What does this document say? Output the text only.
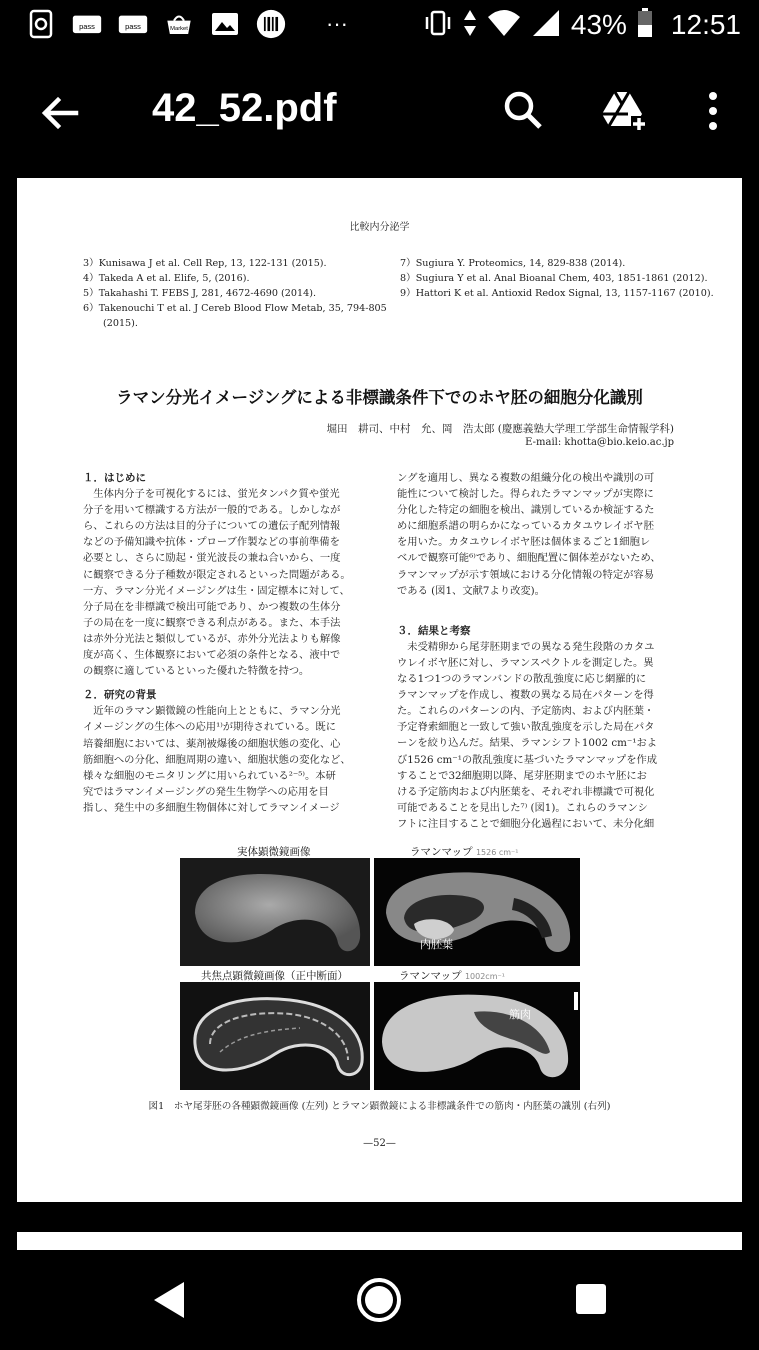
pass	pass	Market	···	43% 12:51
42_52.pdf
比較内分泌学
3）Kunisawa J et al. Cell Rep, 13, 122-131 (2015).
4）Takeda A et al. Elife, 5, (2016).
5）Takahashi T. FEBS J, 281, 4672-4690 (2014).
6）Takenouchi T et al. J Cereb Blood Flow Metab, 35, 794-805
(2015).
7）Sugiura Y. Proteomics, 14, 829-838 (2014).
8）Sugiura Y et al. Anal Bioanal Chem, 403, 1851-1861 (2012).
9）Hattori K et al. Antioxid Redox Signal, 13, 1157-1167 (2010).
ラマン分光イメージングによる非標識条件下でのホヤ胚の細胞分化識別
堀田　耕司、中村　允、岡　浩太郎 (慶應義塾大学理工学部生命情報学科)
E-mail: khotta@bio.keio.ac.jp

１．はじめに

　生体内分子を可視化するには、蛍光タンパク質や蛍光

分子を用いて標識する方法が一般的である。しかしなが

ら、これらの方法は目的分子についての遺伝子配列情報

などの予備知識や抗体・プローブ作製などの事前準備を

必要とし、さらに励起・蛍光波長の兼ね合いから、一度

に観察できる分子種数が限定されるといった問題がある。

一方、ラマン分光イメージングは生・固定標本に対して、

分子局在を非標識で検出可能であり、かつ複数の生体分

子の局在を一度に観察できる利点がある。また、本手法

は赤外分光法と類似しているが、赤外分光法よりも解像

度が高く、生体観察において必須の条件となる、液中で

の観察に適しているといった優れた特徴を持つ。

２．研究の背景

　近年のラマン顕微鏡の性能向上とともに、ラマン分光

イメージングの生体への応用¹⁾が期待されている。既に

培養細胞においては、薬剤被爆後の細胞状態の変化、心

筋細胞への分化、細胞周期の違い、細胞状態の変化など、

様々な細胞のモニタリングに用いられている²⁻⁵⁾。本研

究ではラマンイメージングの発生生物学への応用を目

指し、発生中の多細胞生物個体に対してラマンイメージ

ングを適用し、異なる複数の組織分化の検出や識別の可

能性について検討した。得られたラマンマップが実際に

分化した特定の細胞を検出、識別しているか検証するた

めに細胞系譜の明らかになっているカタユウレイボヤ胚

を用いた。カタユウレイボヤ胚は個体まるごと1細胞レ

ベルで観察可能⁶⁾であり、細胞配置に個体差がないため、

ラマンマップが示す領域における分化情報の特定が容易

である (図1、文献7より改変)。

３．結果と考察

　未受精卵から尾芽胚期までの異なる発生段階のカタユ

ウレイボヤ胚に対し、ラマンスペクトルを測定した。異

なる1つ1つのラマンバンドの散乱強度に応じ網羅的に

ラマンマップを作成し、複数の異なる局在パターンを得

た。これらのパターンの内、予定筋肉、および内胚葉・

予定脊索細胞と一致して強い散乱強度を示した局在パタ

ーンを絞り込んだ。結果、ラマンシフト1002 cm⁻¹およ

び1526 cm⁻¹の散乱強度に基づいたラマンマップを作成

することで32細胞期以降、尾芽胚期までのホヤ胚にお

ける予定筋肉および内胚葉を、それぞれ非標識で可視化

可能であることを見出した⁷⁾ (図1)。これらのラマンシ

フトに注目することで細胞分化過程において、未分化細

実体顕微鏡画像	ラマンマップ 1526 cm⁻¹
内胚葉
共焦点顕微鏡画像（正中断面）	ラマンマップ 1002cm⁻¹
筋肉
図1　ホヤ尾芽胚の各種顕微鏡画像 (左列) とラマン顕微鏡による非標識条件での筋肉・内胚葉の識別 (右列)
—52—
